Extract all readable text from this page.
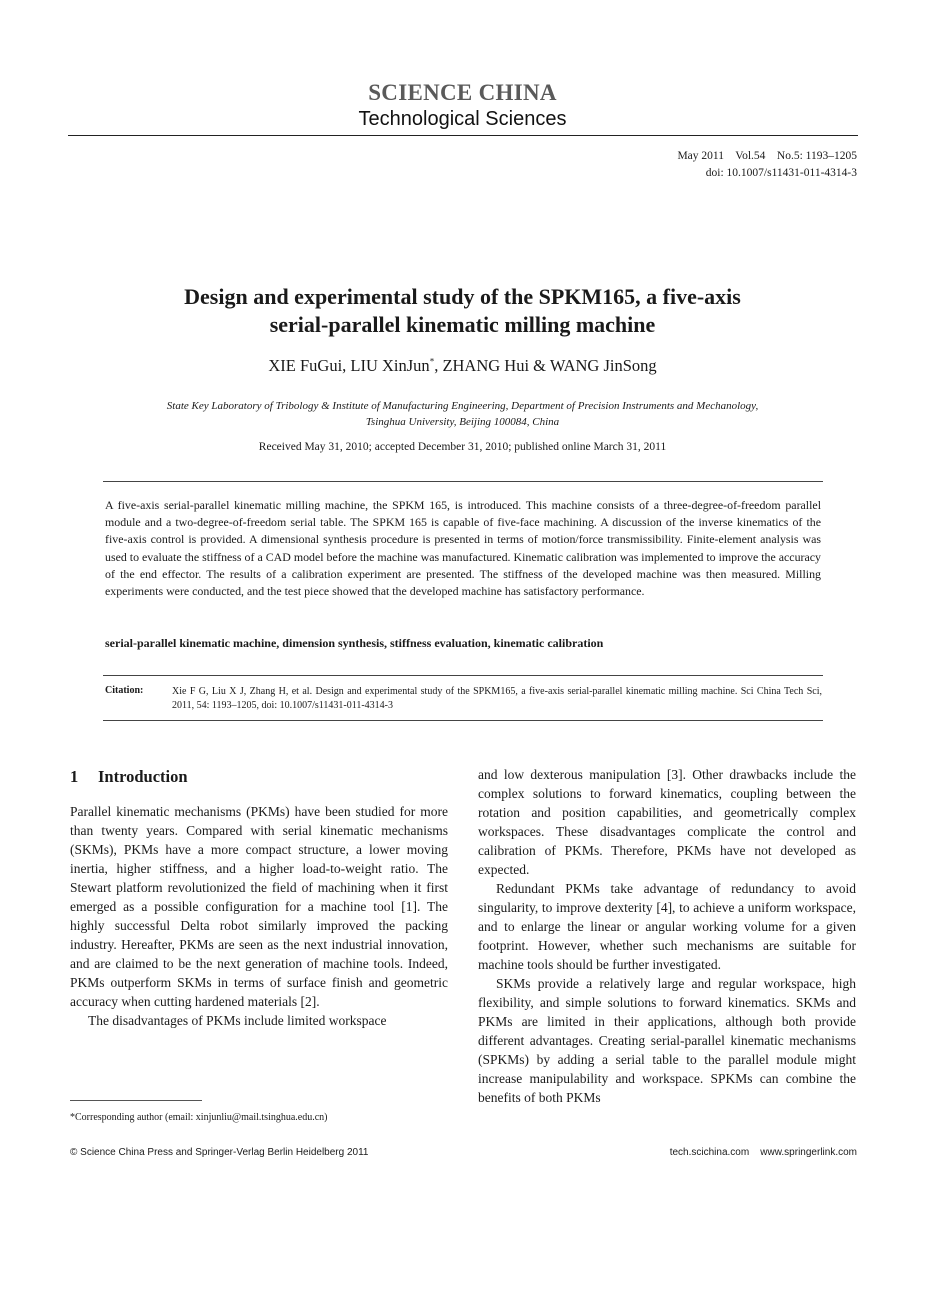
SCIENCE CHINA
Technological Sciences
May 2011    Vol.54    No.5: 1193–1205
doi: 10.1007/s11431-011-4314-3
Design and experimental study of the SPKM165, a five-axis
serial-parallel kinematic milling machine
XIE FuGui, LIU XinJun*, ZHANG Hui & WANG JinSong
State Key Laboratory of Tribology & Institute of Manufacturing Engineering, Department of Precision Instruments and Mechanology,
Tsinghua University, Beijing 100084, China
Received May 31, 2010; accepted December 31, 2010; published online March 31, 2011
A five-axis serial-parallel kinematic milling machine, the SPKM 165, is introduced. This machine consists of a three-degree-of-freedom parallel module and a two-degree-of-freedom serial table. The SPKM 165 is capable of five-face machining. A discussion of the inverse kinematics of the five-axis control is provided. A dimensional synthesis procedure is presented in terms of motion/force transmissibility. Finite-element analysis was used to evaluate the stiffness of a CAD model before the machine was manufactured. Kinematic calibration was implemented to improve the accuracy of the end effector. The results of a calibration experiment are presented. The stiffness of the developed machine was then measured. Milling experiments were conducted, and the test piece showed that the developed machine has satisfactory performance.
serial-parallel kinematic machine, dimension synthesis, stiffness evaluation, kinematic calibration
Citation:	Xie F G, Liu X J, Zhang H, et al. Design and experimental study of the SPKM165, a five-axis serial-parallel kinematic milling machine. Sci China Tech Sci, 2011, 54: 1193–1205, doi: 10.1007/s11431-011-4314-3
1 Introduction

Parallel kinematic mechanisms (PKMs) have been studied for more than twenty years. Compared with serial kinematic mechanisms (SKMs), PKMs have a more compact structure, a lower moving inertia, higher stiffness, and a higher load-to-weight ratio. The Stewart platform revolutionized the field of machining when it first emerged as a possible configuration for a machine tool [1]. The highly successful Delta robot similarly improved the packing industry. Hereafter, PKMs are seen as the next industrial innovation, and are claimed to be the next generation of machine tools. Indeed, PKMs outperform SKMs in terms of surface finish and geometric accuracy when cutting hardened materials [2].

The disadvantages of PKMs include limited workspace

and low dexterous manipulation [3]. Other drawbacks include the complex solutions to forward kinematics, coupling between the rotation and position capabilities, and geometrically complex workspaces. These disadvantages complicate the control and calibration of PKMs. Therefore, PKMs have not developed as expected.

Redundant PKMs take advantage of redundancy to avoid singularity, to improve dexterity [4], to achieve a uniform workspace, and to enlarge the linear or angular working volume for a given footprint. However, whether such mechanisms are suitable for machine tools should be further investigated.

SKMs provide a relatively large and regular workspace, high flexibility, and simple solutions to forward kinematics. SKMs and PKMs are limited in their applications, although both provide different advantages. Creating serial-parallel kinematic mechanisms (SPKMs) by adding a serial table to the parallel module might increase manipulability and workspace. SPKMs can combine the benefits of both PKMs

*Corresponding author (email: xinjunliu@mail.tsinghua.edu.cn)
© Science China Press and Springer-Verlag Berlin Heidelberg 2011	tech.scichina.com    www.springerlink.com
